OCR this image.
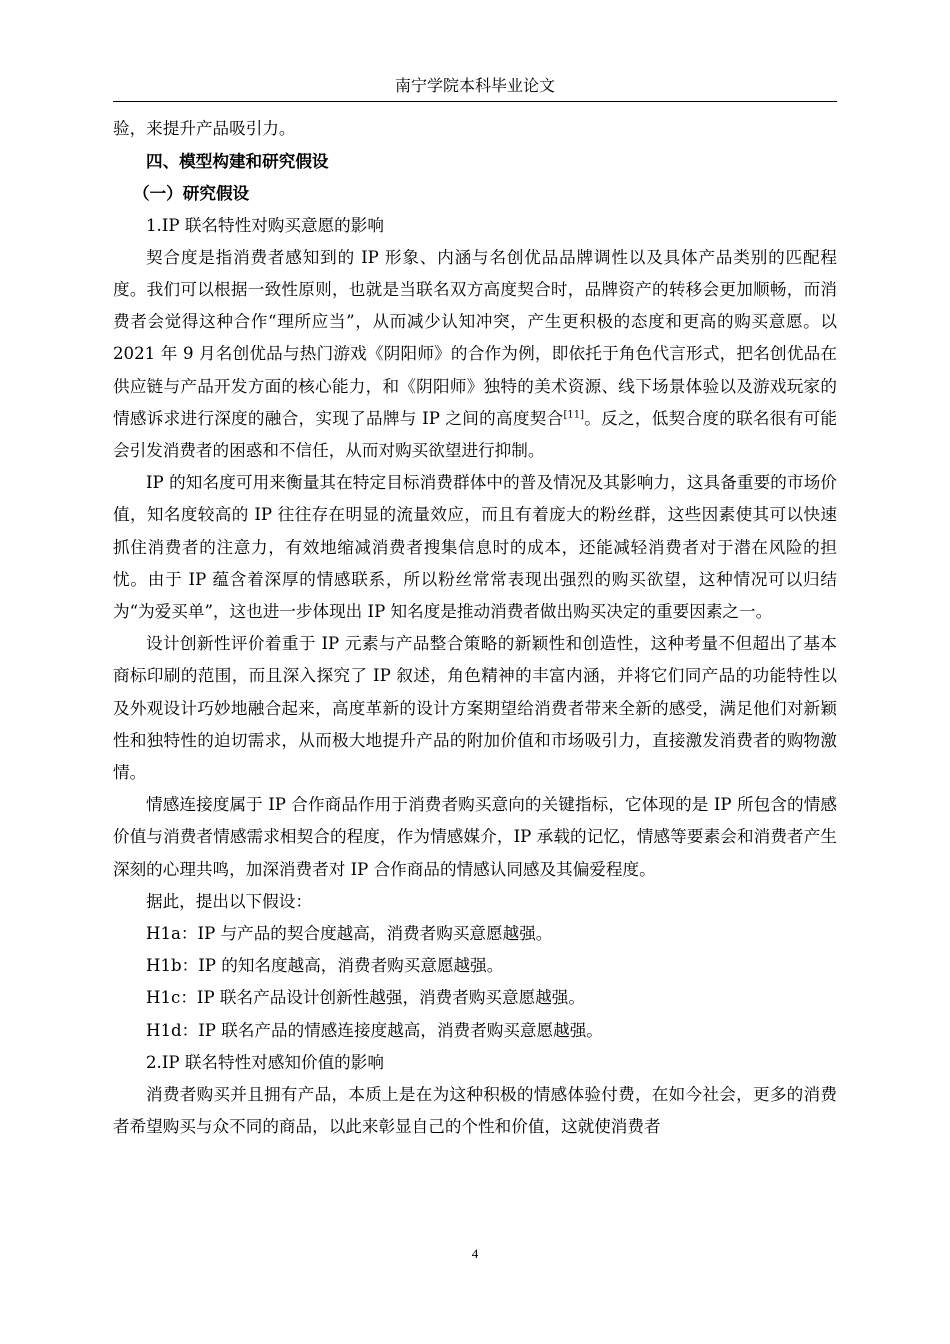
南宁学院本科毕业论文

验，来提升产品吸引力。

四、模型构建和研究假设

（一）研究假设

1.IP 联名特性对购买意愿的影响

契合度是指消费者感知到的 IP 形象、内涵与名创优品品牌调性以及具体产品类别的匹配程度。我们可以根据一致性原则，也就是当联名双方高度契合时，品牌资产的转移会更加顺畅，而消费者会觉得这种合作“理所应当”，从而减少认知冲突，产生更积极的态度和更高的购买意愿。以 2021 年 9 月名创优品与热门游戏《阴阳师》的合作为例，即依托于角色代言形式，把名创优品在供应链与产品开发方面的核心能力，和《阴阳师》独特的美术资源、线下场景体验以及游戏玩家的情感诉求进行深度的融合，实现了品牌与 IP 之间的高度契合[11]。反之，低契合度的联名很有可能会引发消费者的困惑和不信任，从而对购买欲望进行抑制。

IP 的知名度可用来衡量其在特定目标消费群体中的普及情况及其影响力，这具备重要的市场价值，知名度较高的 IP 往往存在明显的流量效应，而且有着庞大的粉丝群，这些因素使其可以快速抓住消费者的注意力，有效地缩减消费者搜集信息时的成本，还能减轻消费者对于潜在风险的担忧。由于 IP 蕴含着深厚的情感联系，所以粉丝常常表现出强烈的购买欲望，这种情况可以归结为“为爱买单”，这也进一步体现出 IP 知名度是推动消费者做出购买决定的重要因素之一。

设计创新性评价着重于 IP 元素与产品整合策略的新颖性和创造性，这种考量不但超出了基本商标印刷的范围，而且深入探究了 IP 叙述，角色精神的丰富内涵，并将它们同产品的功能特性以及外观设计巧妙地融合起来，高度革新的设计方案期望给消费者带来全新的感受，满足他们对新颖性和独特性的迫切需求，从而极大地提升产品的附加价值和市场吸引力，直接激发消费者的购物激情。

情感连接度属于 IP 合作商品作用于消费者购买意向的关键指标，它体现的是 IP 所包含的情感价值与消费者情感需求相契合的程度，作为情感媒介，IP 承载的记忆，情感等要素会和消费者产生深刻的心理共鸣，加深消费者对 IP 合作商品的情感认同感及其偏爱程度。

据此，提出以下假设：

H1a：IP 与产品的契合度越高，消费者购买意愿越强。

H1b：IP 的知名度越高，消费者购买意愿越强。

H1c：IP 联名产品设计创新性越强，消费者购买意愿越强。

H1d：IP 联名产品的情感连接度越高，消费者购买意愿越强。

2.IP 联名特性对感知价值的影响

消费者购买并且拥有产品，本质上是在为这种积极的情感体验付费，在如今社会，更多的消费者希望购买与众不同的商品，以此来彰显自己的个性和价值，这就使消费者

4
